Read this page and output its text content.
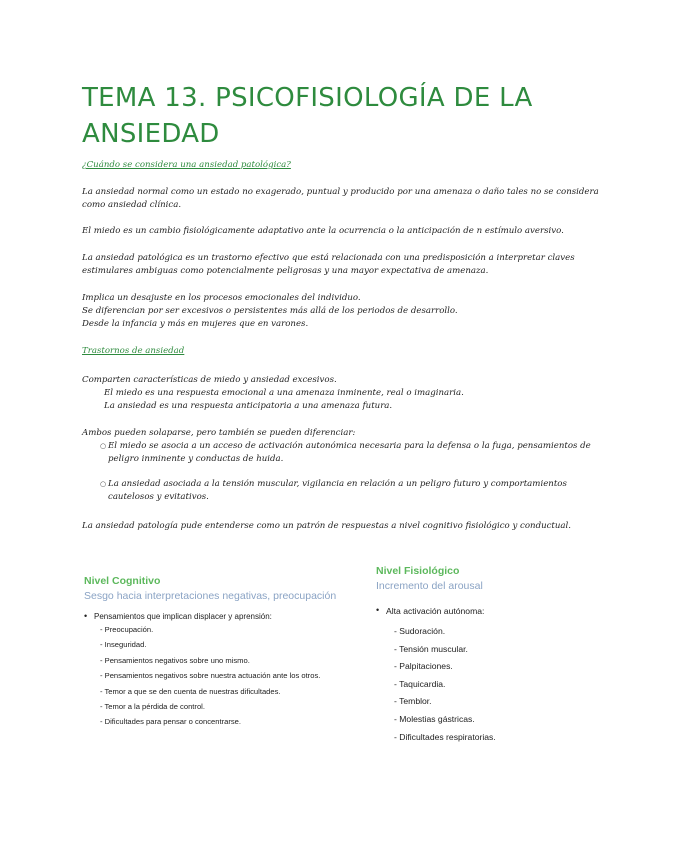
TEMA 13. PSICOFISIOLOGÍA DE LA ANSIEDAD
¿Cuándo se considera una ansiedad patológica?

La ansiedad normal como un estado no exagerado, puntual y producido por una amenaza o daño tales no se considera como ansiedad clínica.

El miedo es un cambio fisiológicamente adaptativo ante la ocurrencia o la anticipación de n estímulo aversivo.

La ansiedad patológica es un trastorno efectivo que está relacionada con una predisposición a interpretar claves estimulares ambiguas como potencialmente peligrosas y una mayor expectativa de amenaza.

Implica un desajuste en los procesos emocionales del individuo.
Se diferencian por ser excesivos o persistentes más allá de los periodos de desarrollo.
Desde la infancia y más en mujeres que en varones.
Trastornos de ansiedad
Comparten características de miedo y ansiedad excesivos.
El miedo es una respuesta emocional a una amenaza inminente, real o imaginaria.
La ansiedad es una respuesta anticipatoria a una amenaza futura.
Ambos pueden solaparse, pero también se pueden diferenciar:
○ El miedo se asocia a un acceso de activación autonómica necesaria para la defensa o la fuga, pensamientos de peligro inminente y conductas de huida.
○ La ansiedad asociada a la tensión muscular, vigilancia en relación a un peligro futuro y comportamientos cautelosos y evitativos.

La ansiedad patología pude entenderse como un patrón de respuestas a nivel cognitivo fisiológico y conductual.

Nivel Cognitivo

Sesgo hacia interpretaciones negativas, preocupación

• Pensamientos que implican displacer y aprensión:
- Preocupación.
- Inseguridad.
- Pensamientos negativos sobre uno mismo.
- Pensamientos negativos sobre nuestra actuación ante los otros.
- Temor a que se den cuenta de nuestras dificultades.
- Temor a la pérdida de control.
- Dificultades para pensar o concentrarse.

Nivel Fisiológico

Incremento del arousal

• Alta activación autónoma:
- Sudoración.
- Tensión muscular.
- Palpitaciones.
- Taquicardia.
- Temblor.
- Molestias gástricas.
- Dificultades respiratorias.
